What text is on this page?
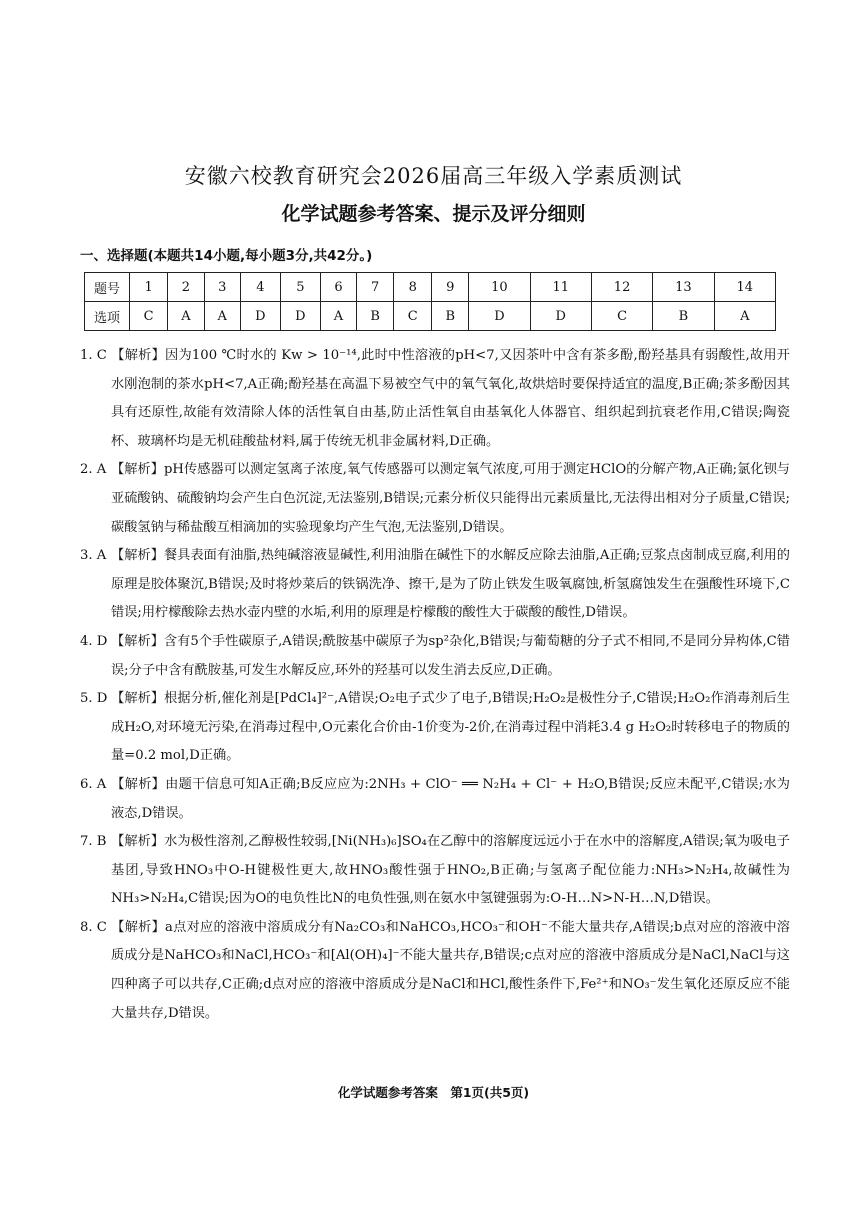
安徽六校教育研究会2026届高三年级入学素质测试
化学试题参考答案、提示及评分细则
一、选择题(本题共14小题,每小题3分,共42分。)
题号	1	2	3	4	5	6	7	8	9	10	11	12	13	14
选项	C	A	A	D	D	A	B	C	B	D	D	C	B	A
1. C 【解析】因为100 ℃时水的 Kw > 10⁻¹⁴,此时中性溶液的pH<7,又因茶叶中含有茶多酚,酚羟基具有弱酸性,故用开水刚泡制的茶水pH<7,A正确;酚羟基在高温下易被空气中的氧气氧化,故烘焙时要保持适宜的温度,B正确;茶多酚因其具有还原性,故能有效清除人体的活性氧自由基,防止活性氧自由基氧化人体器官、组织起到抗衰老作用,C错误;陶瓷杯、玻璃杯均是无机硅酸盐材料,属于传统无机非金属材料,D正确。
2. A 【解析】pH传感器可以测定氢离子浓度,氧气传感器可以测定氧气浓度,可用于测定HClO的分解产物,A正确;氯化钡与亚硫酸钠、硫酸钠均会产生白色沉淀,无法鉴别,B错误;元素分析仪只能得出元素质量比,无法得出相对分子质量,C错误;碳酸氢钠与稀盐酸互相滴加的实验现象均产生气泡,无法鉴别,D错误。
3. A 【解析】餐具表面有油脂,热纯碱溶液显碱性,利用油脂在碱性下的水解反应除去油脂,A正确;豆浆点卤制成豆腐,利用的原理是胶体聚沉,B错误;及时将炒菜后的铁锅洗净、擦干,是为了防止铁发生吸氧腐蚀,析氢腐蚀发生在强酸性环境下,C错误;用柠檬酸除去热水壶内壁的水垢,利用的原理是柠檬酸的酸性大于碳酸的酸性,D错误。
4. D 【解析】含有5个手性碳原子,A错误;酰胺基中碳原子为sp²杂化,B错误;与葡萄糖的分子式不相同,不是同分异构体,C错误;分子中含有酰胺基,可发生水解反应,环外的羟基可以发生消去反应,D正确。
5. D 【解析】根据分析,催化剂是[PdCl₄]²⁻,A错误;O₂电子式少了电子,B错误;H₂O₂是极性分子,C错误;H₂O₂作消毒剂后生成H₂O,对环境无污染,在消毒过程中,O元素化合价由-1价变为-2价,在消毒过程中消耗3.4 g H₂O₂时转移电子的物质的量=0.2 mol,D正确。
6. A 【解析】由题干信息可知A正确;B反应应为:2NH₃ + ClO⁻ ══ N₂H₄ + Cl⁻ + H₂O,B错误;反应未配平,C错误;水为液态,D错误。
7. B 【解析】水为极性溶剂,乙醇极性较弱,[Ni(NH₃)₆]SO₄在乙醇中的溶解度远远小于在水中的溶解度,A错误;氧为吸电子基团,导致HNO₃中O-H键极性更大,故HNO₃酸性强于HNO₂,B正确;与氢离子配位能力:NH₃>N₂H₄,故碱性为NH₃>N₂H₄,C错误;因为O的电负性比N的电负性强,则在氨水中氢键强弱为:O-H…N>N-H…N,D错误。
8. C 【解析】a点对应的溶液中溶质成分有Na₂CO₃和NaHCO₃,HCO₃⁻和OH⁻不能大量共存,A错误;b点对应的溶液中溶质成分是NaHCO₃和NaCl,HCO₃⁻和[Al(OH)₄]⁻不能大量共存,B错误;c点对应的溶液中溶质成分是NaCl,NaCl与这四种离子可以共存,C正确;d点对应的溶液中溶质成分是NaCl和HCl,酸性条件下,Fe²⁺和NO₃⁻发生氧化还原反应不能大量共存,D错误。
化学试题参考答案　第1页(共5页)
